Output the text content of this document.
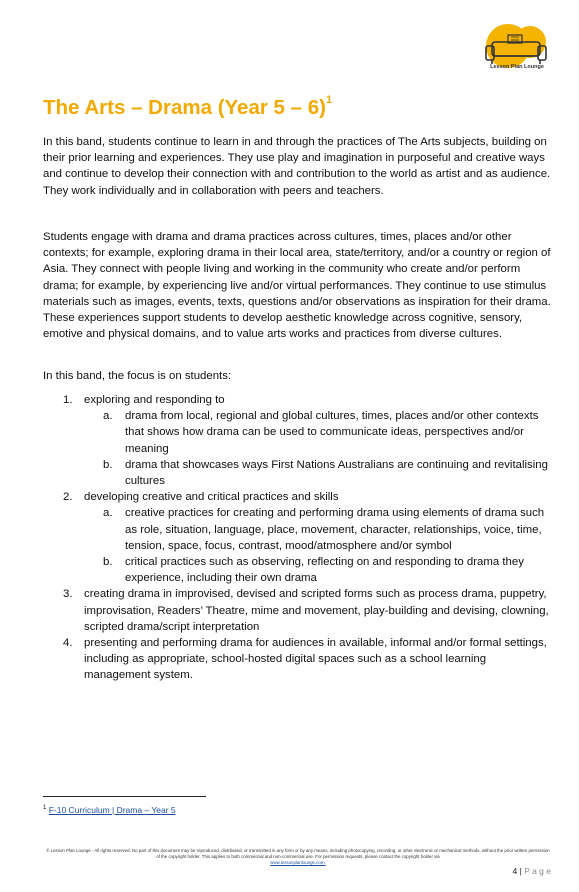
Lesson Plan Lounge
The Arts – Drama (Year 5 – 6)$^1$

In this band, students continue to learn in and through the practices of The Arts subjects, building on their prior learning and experiences. They use play and imagination in purposeful and creative ways and continue to develop their connection with and contribution to the world as artist and as audience. They work individually and in collaboration with peers and teachers.

Students engage with drama and drama practices across cultures, times, places and/or other contexts; for example, exploring drama in their local area, state/territory, and/or a country or region of Asia. They connect with people living and working in the community who create and/or perform drama; for example, by experiencing live and/or virtual performances. They continue to use stimulus materials such as images, events, texts, questions and/or observations as inspiration for their drama. These experiences support students to develop aesthetic knowledge across cognitive, sensory, emotive and physical domains, and to value arts works and practices from diverse cultures.

In this band, the focus is on students:

1. exploring and responding to
a. drama from local, regional and global cultures, times, places and/or other contexts that shows how drama can be used to communicate ideas, perspectives and/or meaning
b. drama that showcases ways First Nations Australians are continuing and revitalising cultures
2. developing creative and critical practices and skills
a. creative practices for creating and performing drama using elements of drama such as role, situation, language, place, movement, character, relationships, voice, time, tension, space, focus, contrast, mood/atmosphere and/or symbol
b. critical practices such as observing, reflecting on and responding to drama they experience, including their own drama
3. creating drama in improvised, devised and scripted forms such as process drama, puppetry, improvisation, Readers’ Theatre, mime and movement, play-building and devising, clowning, scripted drama/script interpretation
4. presenting and performing drama for audiences in available, informal and/or formal settings, including as appropriate, school-hosted digital spaces such as a school learning management system.
$^1$ F-10 Curriculum | Drama – Year 5
© Lesson Plan Lounge - All rights reserved. No part of this document may be reproduced, distributed, or transmitted in any form or by any means, including photocopying, recording, or other electronic or mechanical methods, without the prior written permission of the copyright holder. This applies to both commercial and non-commercial use. For permission requests, please contact the copyright holder via
www.lessonplanlounge.com.
4 | P a g e
